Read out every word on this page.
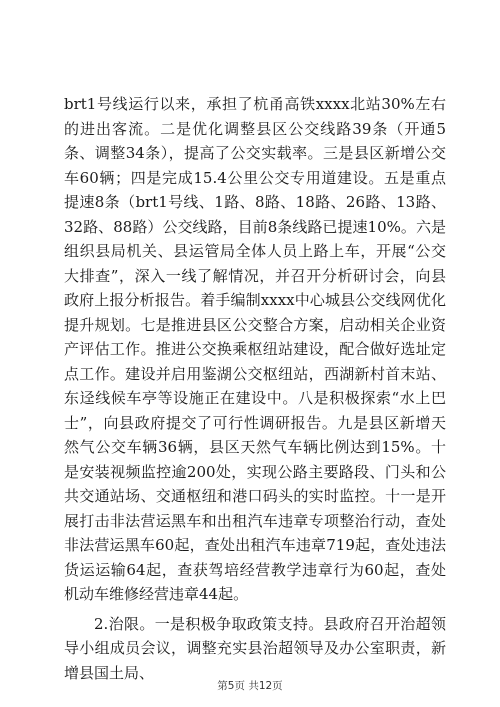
brt1号线运行以来，承担了杭甬高铁xxxx北站30%左右的进出客流。二是优化调整县区公交线路39条（开通5条、调整34条），提高了公交实载率。三是县区新增公交车60辆；四是完成15.4公里公交专用道建设。五是重点提速8条（brt1号线、1路、8路、18路、26路、13路、32路、88路）公交线路，目前8条线路已提速10%。六是组织县局机关、县运管局全体人员上路上车，开展“公交大排查”，深入一线了解情况，并召开分析研讨会，向县政府上报分析报告。着手编制xxxx中心城县公交线网优化提升规划。七是推进县区公交整合方案，启动相关企业资产评估工作。推进公交换乘枢纽站建设，配合做好选址定点工作。建设并启用鉴湖公交枢纽站，西湖新村首末站、东迳线候车亭等设施正在建设中。八是积极探索“水上巴士”，向县政府提交了可行性调研报告。九是县区新增天然气公交车辆36辆，县区天然气车辆比例达到15%。十是安装视频监控逾200处，实现公路主要路段、门头和公共交通站场、交通枢纽和港口码头的实时监控。十一是开展打击非法营运黑车和出租汽车违章专项整治行动，查处非法营运黑车60起，查处出租汽车违章719起，查处违法货运运输64起，查获驾培经营教学违章行为60起，查处机动车维修经营违章44起。

2.治限。一是积极争取政策支持。县政府召开治超领导小组成员会议，调整充实县治超领导及办公室职责，新增县国土局、

第5页 共12页
